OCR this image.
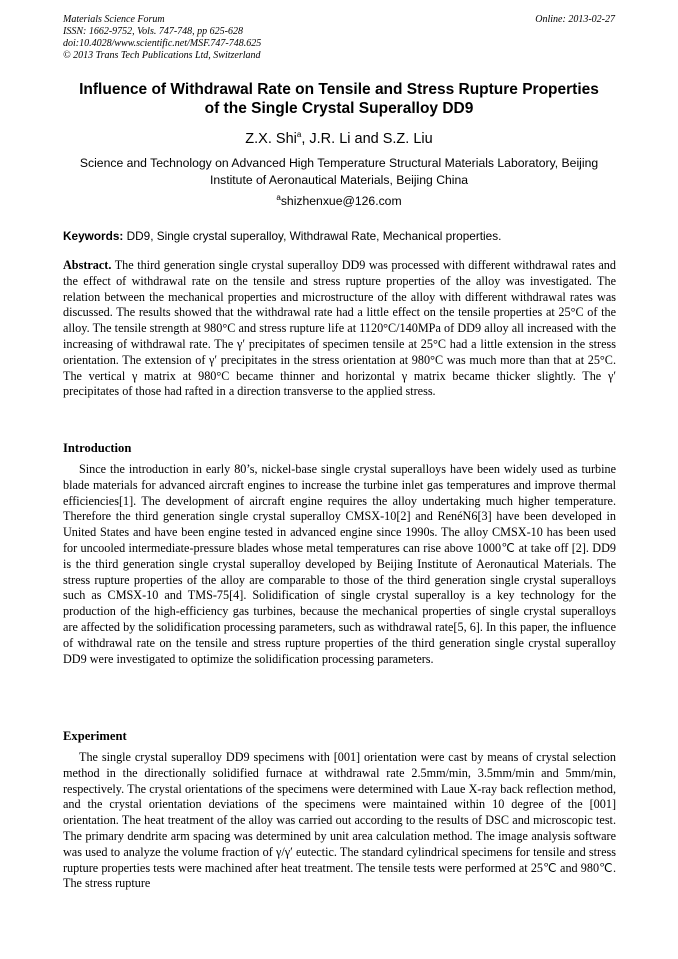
Materials Science Forum
ISSN: 1662-9752, Vols. 747-748, pp 625-628
doi:10.4028/www.scientific.net/MSF.747-748.625
© 2013 Trans Tech Publications Ltd, Switzerland
Online: 2013-02-27
Influence of Withdrawal Rate on Tensile and Stress Rupture Properties
of the Single Crystal Superalloy DD9
Z.X. Shi$^a$, J.R. Li and S.Z. Liu
Science and Technology on Advanced High Temperature Structural Materials Laboratory, Beijing
Institute of Aeronautical Materials, Beijing China
$^a$shizhenxue@126.com
Keywords: DD9, Single crystal superalloy, Withdrawal Rate, Mechanical properties.
Abstract. The third generation single crystal superalloy DD9 was processed with different withdrawal rates and the effect of withdrawal rate on the tensile and stress rupture properties of the alloy was investigated. The relation between the mechanical properties and microstructure of the alloy with different withdrawal rates was discussed. The results showed that the withdrawal rate had a little effect on the tensile properties at 25°C of the alloy. The tensile strength at 980°C and stress rupture life at 1120°C/140MPa of DD9 alloy all increased with the increasing of withdrawal rate. The γ′ precipitates of specimen tensile at 25°C had a little extension in the stress orientation. The extension of γ′ precipitates in the stress orientation at 980°C was much more than that at 25°C. The vertical γ matrix at 980°C became thinner and horizontal γ matrix became thicker slightly. The γ′ precipitates of those had rafted in a direction transverse to the applied stress.
Introduction
Since the introduction in early 80’s, nickel-base single crystal superalloys have been widely used as turbine blade materials for advanced aircraft engines to increase the turbine inlet gas temperatures and improve thermal efficiencies[1]. The development of aircraft engine requires the alloy undertaking much higher temperature. Therefore the third generation single crystal superalloy CMSX-10[2] and RenéN6[3] have been developed in United States and have been engine tested in advanced engine since 1990s. The alloy CMSX-10 has been used for uncooled intermediate-pressure blades whose metal temperatures can rise above 1000℃ at take off [2]. DD9 is the third generation single crystal superalloy developed by Beijing Institute of Aeronautical Materials. The stress rupture properties of the alloy are comparable to those of the third generation single crystal superalloys such as CMSX-10 and TMS-75[4]. Solidification of single crystal superalloy is a key technology for the production of the high-efficiency gas turbines, because the mechanical properties of single crystal superalloys are affected by the solidification processing parameters, such as withdrawal rate[5, 6]. In this paper, the influence of withdrawal rate on the tensile and stress rupture properties of the third generation single crystal superalloy DD9 were investigated to optimize the solidification processing parameters.
Experiment
The single crystal superalloy DD9 specimens with [001] orientation were cast by means of crystal selection method in the directionally solidified furnace at withdrawal rate 2.5mm/min, 3.5mm/min and 5mm/min, respectively. The crystal orientations of the specimens were determined with Laue X-ray back reflection method, and the crystal orientation deviations of the specimens were maintained within 10 degree of the [001] orientation. The heat treatment of the alloy was carried out according to the results of DSC and microscopic test. The primary dendrite arm spacing was determined by unit area calculation method. The image analysis software was used to analyze the volume fraction of γ/γ′ eutectic. The standard cylindrical specimens for tensile and stress rupture properties tests were machined after heat treatment. The tensile tests were performed at 25℃ and 980℃. The stress rupture
